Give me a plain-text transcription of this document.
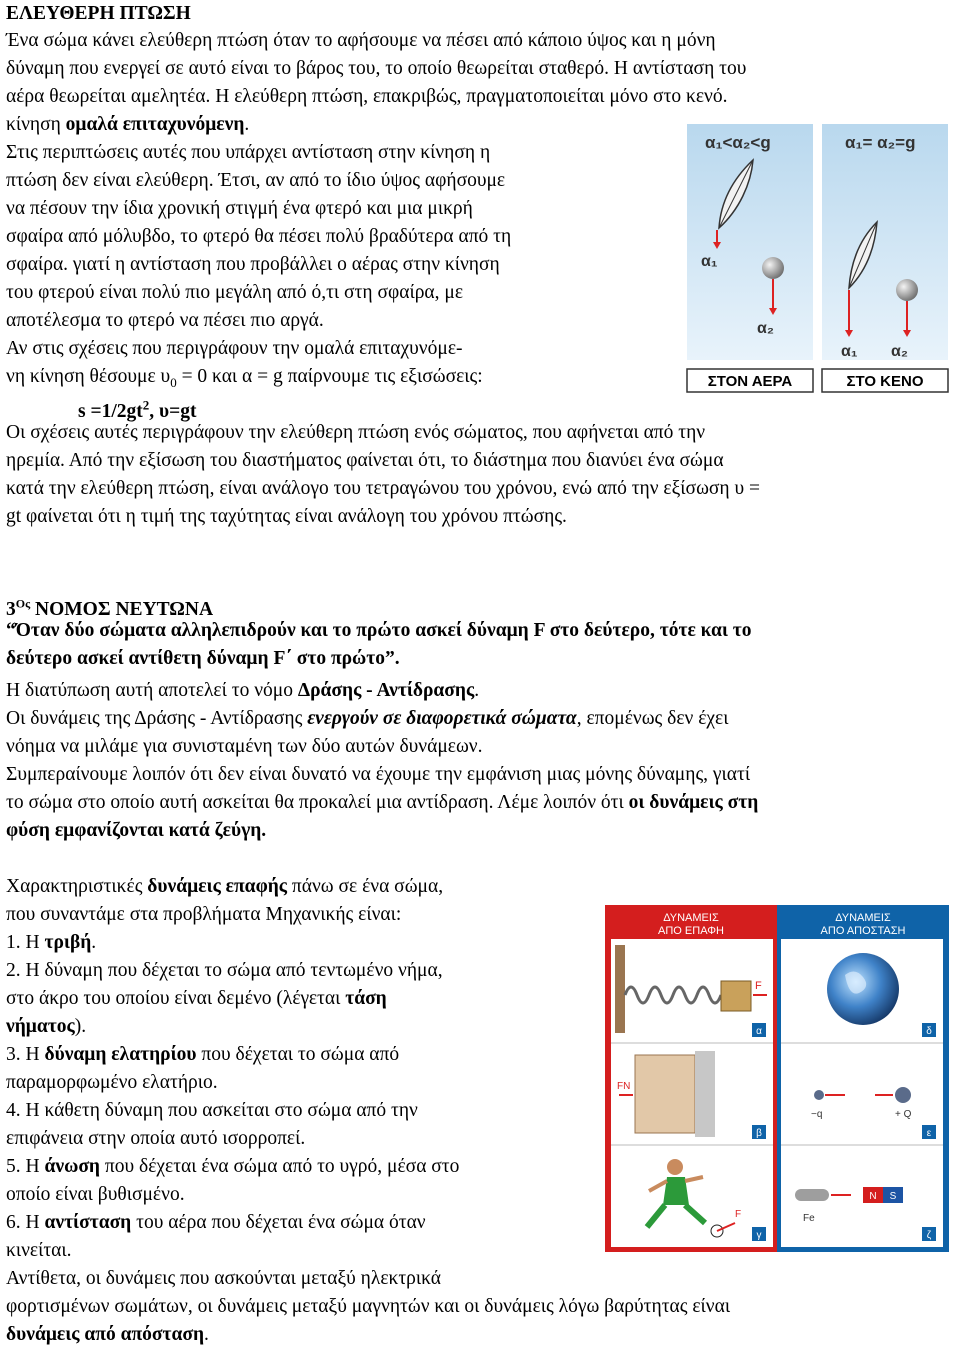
ΕΛΕΥΘΕΡΗ ΠΤΩΣΗ
Ένα σώμα κάνει ελεύθερη πτώση όταν το αφήσουμε να πέσει από κάποιο ύψος και η μόνη
δύναμη που ενεργεί σε αυτό είναι το βάρος του, το οποίο θεωρείται σταθερό. Η αντίσταση του
αέρα θεωρείται αμελητέα. Η ελεύθερη πτώση, επακριβώς, πραγματοποιείται μόνο στο κενό.
κίνηση ομαλά επιταχυνόμενη.
Στις περιπτώσεις αυτές που υπάρχει αντίσταση στην κίνηση η
πτώση δεν είναι ελεύθερη. Έτσι, αν από το ίδιο ύψος αφήσουμε
να πέσουν την ίδια χρονική στιγμή ένα φτερό και μια μικρή
σφαίρα από μόλυβδο, το φτερό θα πέσει πολύ βραδύτερα από τη
σφαίρα. γιατί η αντίσταση που προβάλλει ο αέρας στην κίνηση
του φτερού είναι πολύ πιο μεγάλη από ό,τι στη σφαίρα, με
αποτέλεσμα το φτερό να πέσει πιο αργά.
Αν στις σχέσεις που περιγράφουν την ομαλά επιταχυνόμε-
νη κίνηση θέσουμε $\upsilon_0 = 0$ και α = g παίρνουμε τις εξισώσεις:
$s =1/2gt^2$, υ=gt
Οι σχέσεις αυτές περιγράφουν την ελεύθερη πτώση ενός σώματος, που αφήνεται από την
ηρεμία. Από την εξίσωση του διαστήματος φαίνεται ότι, το διάστημα που διανύει ένα σώμα
κατά την ελεύθερη πτώση, είναι ανάλογο του τετραγώνου του χρόνου, ενώ από την εξίσωση υ =
gt φαίνεται ότι η τιμή της ταχύτητας είναι ανάλογη του χρόνου πτώσης.
α₁<α₂<g	α₁= α₂=g
α₁
α₂
α₁ α₂
ΣΤΟΝ ΑΕΡΑ	ΣΤΟ ΚΕΝΟ
$3^{O\varsigma}$ ΝΟΜΟΣ ΝΕΥΤΩΝΑ
“Όταν δύο σώματα αλληλεπιδρούν και το πρώτο ασκεί δύναμη F στο δεύτερο, τότε και το
δεύτερο ασκεί αντίθετη δύναμη F΄ στο πρώτο”.
Η διατύπωση αυτή αποτελεί το νόμο Δράσης - Αντίδρασης.
Οι δυνάμεις της Δράσης - Αντίδρασης ενεργούν σε διαφορετικά σώματα, επομένως δεν έχει
νόημα να μιλάμε για συνισταμένη των δύο αυτών δυνάμεων.
Συμπεραίνουμε λοιπόν ότι δεν είναι δυνατό να έχουμε την εμφάνιση μιας μόνης δύναμης, γιατί
το σώμα στο οποίο αυτή ασκείται θα προκαλεί μια αντίδραση. Λέμε λοιπόν ότι οι δυνάμεις στη
φύση εμφανίζονται κατά ζεύγη.
Χαρακτηριστικές δυνάμεις επαφής πάνω σε ένα σώμα,
που συναντάμε στα προβλήματα Μηχανικής είναι:
1. Η τριβή.
2. Η δύναμη που δέχεται το σώμα από τεντωμένο νήμα,
στο άκρο του οποίου είναι δεμένο (λέγεται τάση
νήματος).
3. Η δύναμη ελατηρίου που δέχεται το σώμα από
παραμορφωμένο ελατήριο.
4. Η κάθετη δύναμη που ασκείται στο σώμα από την
επιφάνεια στην οποία αυτό ισορροπεί.
5. Η άνωση που δέχεται ένα σώμα από το υγρό, μέσα στο
οποίο είναι βυθισμένο.
6. Η αντίσταση του αέρα που δέχεται ένα σώμα όταν
κινείται.
Αντίθετα, οι δυνάμεις που ασκούνται μεταξύ ηλεκτρικά
φορτισμένων σωμάτων, οι δυνάμεις μεταξύ μαγνητών και οι δυνάμεις λόγω βαρύτητας είναι
δυνάμεις από απόσταση.
ΔΥΝΑΜΕΙΣ
ΑΠΟ ΕΠΑΦΗ
ΔΥΝΑΜΕΙΣ
ΑΠΟ ΑΠΟΣΤΑΣΗ
F
α
FN
β
F
γ
δ
−q	+ Q
ε
Fe
N S
ζ
